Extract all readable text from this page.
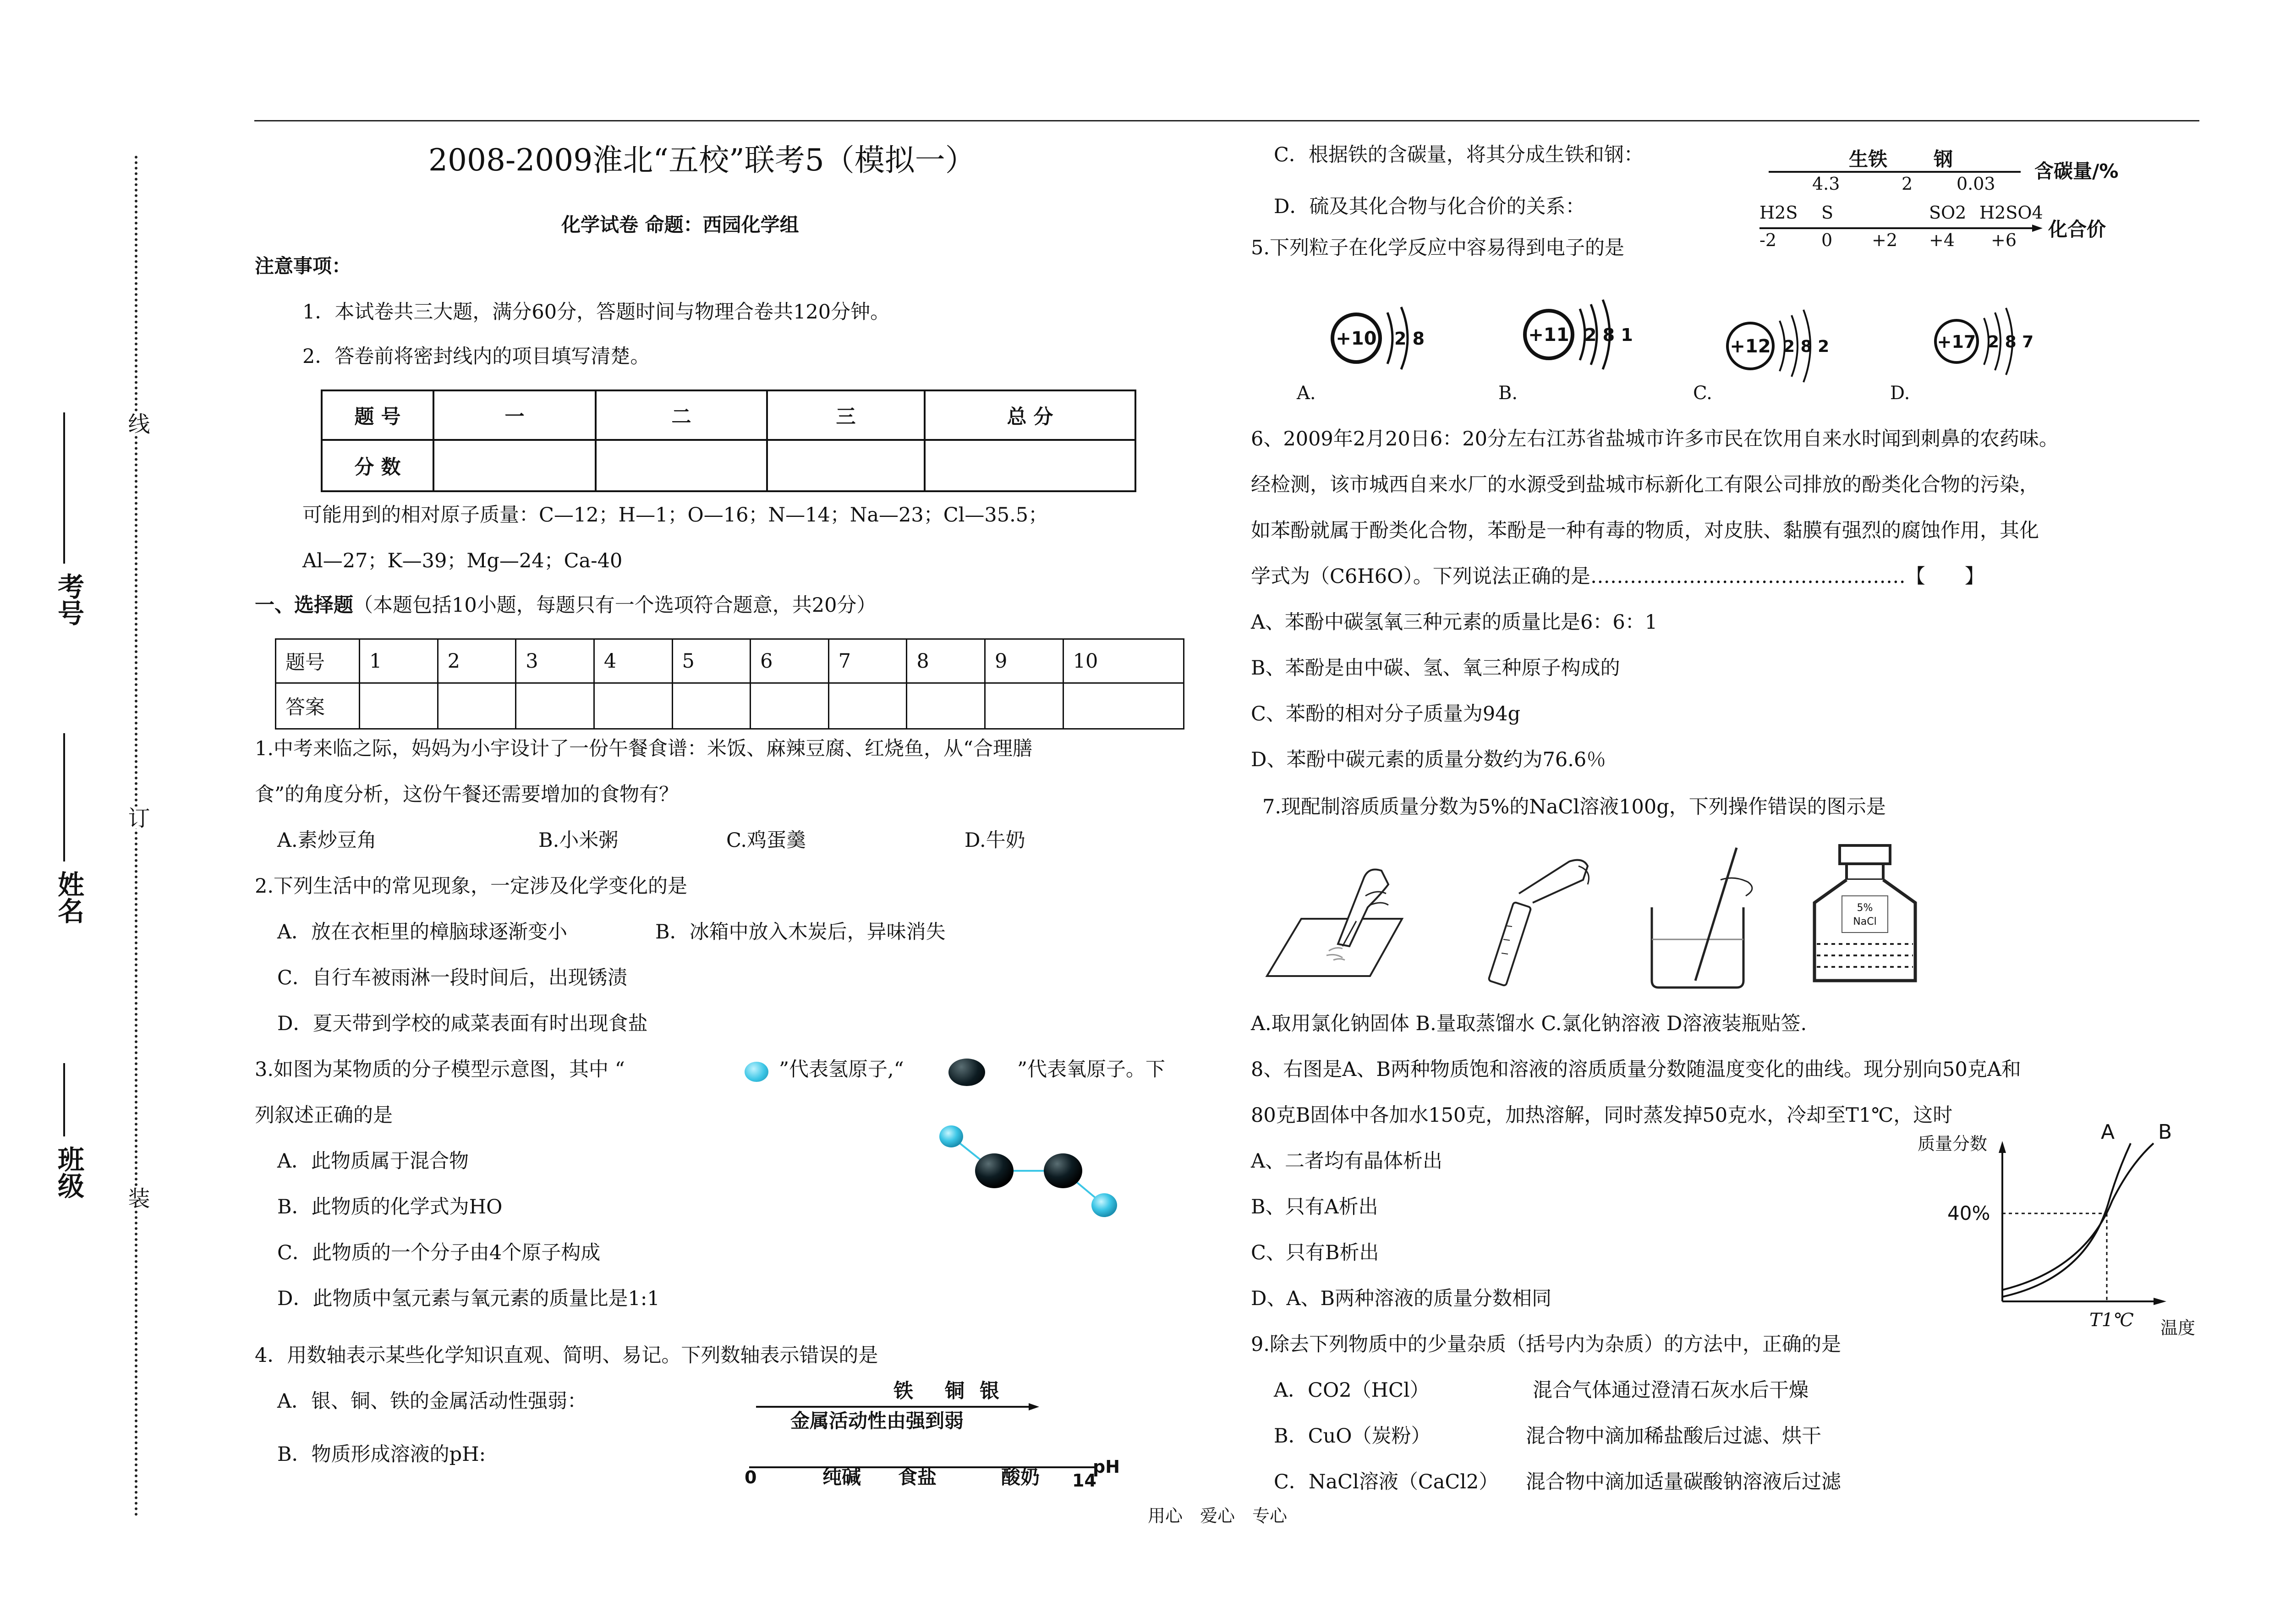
班级
姓名
考号
装
订
线
2008-2009淮北“五校”联考5（模拟一）
化学试卷 命题：西园化学组
注意事项：
1．本试卷共三大题，满分60分，答题时间与物理合卷共120分钟。
2．答卷前将密封线内的项目填写清楚。
题 号	一	二	三	总 分
分 数				
可能用到的相对原子质量：C—12；H—1；O—16；N—14；Na—23；Cl—35.5；
Al—27；K—39；Mg—24；Ca-40
一、选择题（本题包括10小题，每题只有一个选项符合题意，共20分）
题号	1	2	3	4	5	6	7	8	9	10
答案										
1.中考来临之际，妈妈为小宇设计了一份午餐食谱：米饭、麻辣豆腐、红烧鱼，从“合理膳
食”的角度分析，这份午餐还需要增加的食物有？
A.素炒豆角	B.小米粥	C.鸡蛋羹	D.牛奶
2.下列生活中的常见现象，一定涉及化学变化的是
A．放在衣柜里的樟脑球逐渐变小	B．冰箱中放入木炭后，异味消失
C．自行车被雨淋一段时间后，出现锈渍
D．夏天带到学校的咸菜表面有时出现食盐
3.如图为某物质的分子模型示意图，其中 “	”代表氢原子,“	”代表氧原子。下
列叙述正确的是
A．此物质属于混合物
B．此物质的化学式为HO
C．此物质的一个分子由4个原子构成
D．此物质中氢元素与氧元素的质量比是1:1
4．用数轴表示某些化学知识直观、简明、易记。下列数轴表示错误的是
A．银、铜、铁的金属活动性强弱：
B．物质形成溶液的pH:
铁 铜 银
金属活动性由强到弱
0	纯碱 食盐	酸奶 14
pH
C．根据铁的含碳量，将其分成生铁和钢：
D．硫及其化合物与化合价的关系：
生铁 钢
4.3	2	0.03
含碳量/%
H2S S	SO2 H2SO4
-2	0 +2 +4 +6 化合价
5.下列粒子在化学反应中容易得到电子的是
+10 2 8	+11 2 8 1
+12 2 8 2	+17 2 8 7
A.	B.	C.	D.
6、2009年2月20日6：20分左右江苏省盐城市许多市民在饮用自来水时闻到刺鼻的农药味。
经检测，该市城西自来水厂的水源受到盐城市标新化工有限公司排放的酚类化合物的污染，
如苯酚就属于酚类化合物，苯酚是一种有毒的物质，对皮肤、黏膜有强烈的腐蚀作用，其化
学式为（C6H6O）。下列说法正确的是…………………………………………【　　】
A、苯酚中碳氢氧三种元素的质量比是6：6：1
B、苯酚是由中碳、氢、氧三种原子构成的
C、苯酚的相对分子质量为94g
D、苯酚中碳元素的质量分数约为76.6％
7.现配制溶质质量分数为5%的NaCl溶液100g，下列操作错误的图示是
5%
NaCl
A.取用氯化钠固体 B.量取蒸馏水 C.氯化钠溶液 D溶液装瓶贴签.
8、右图是A、B两种物质饱和溶液的溶质质量分数随温度变化的曲线。现分别向50克A和
80克B固体中各加水150克，加热溶解，同时蒸发掉50克水，冷却至T1℃，这时
A、二者均有晶体析出
B、只有A析出
C、只有B析出
D、A、B两种溶液的质量分数相同
质量分数	A B
40%
T1℃ 温度
9.除去下列物质中的少量杂质（括号内为杂质）的方法中，正确的是
A．CO2（HCl）	混合气体通过澄清石灰水后干燥
B．CuO（炭粉）	混合物中滴加稀盐酸后过滤、烘干
C．NaCl溶液（CaCl2） 混合物中滴加适量碳酸钠溶液后过滤
用心　爱心　专心
